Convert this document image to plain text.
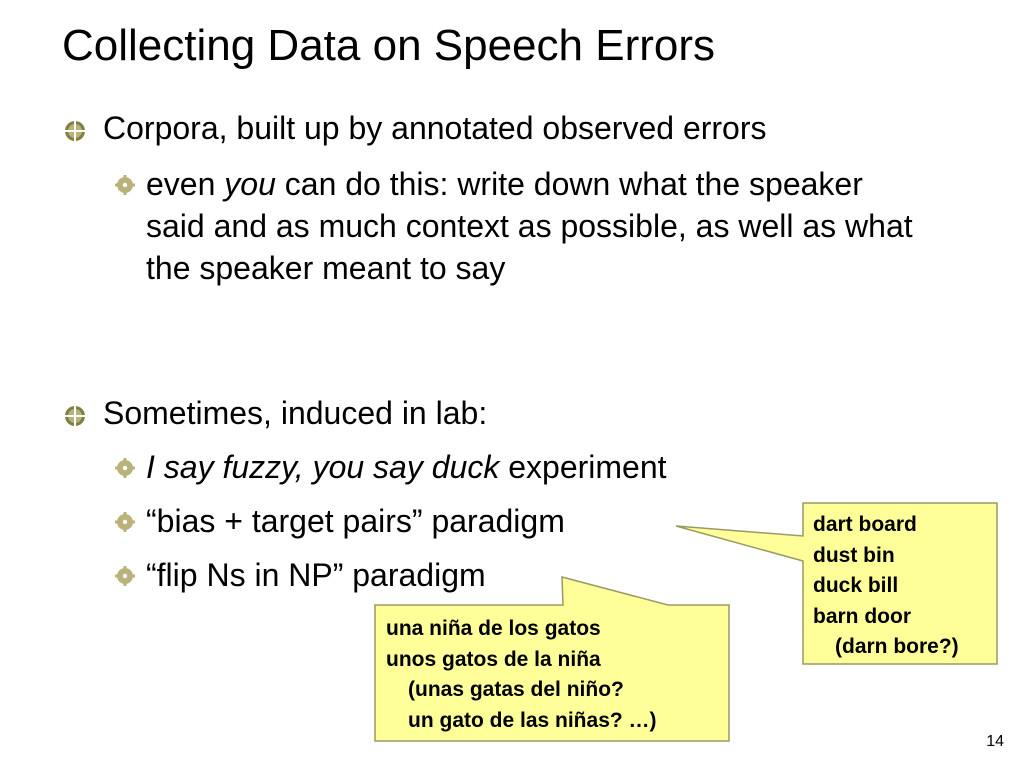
Collecting Data on Speech Errors
Corpora, built up by annotated observed errors
even you can do this: write down what the speaker said and as much context as possible, as well as what the speaker meant to say
Sometimes, induced in lab:
I say fuzzy, you say duck experiment
“bias + target pairs” paradigm
“flip Ns in NP” paradigm
dart board
dust bin
duck bill
barn door
(darn bore?)
una niña de los gatos
unos gatos de la niña
(unas gatas del niño?
un gato de las niñas? …)
14
